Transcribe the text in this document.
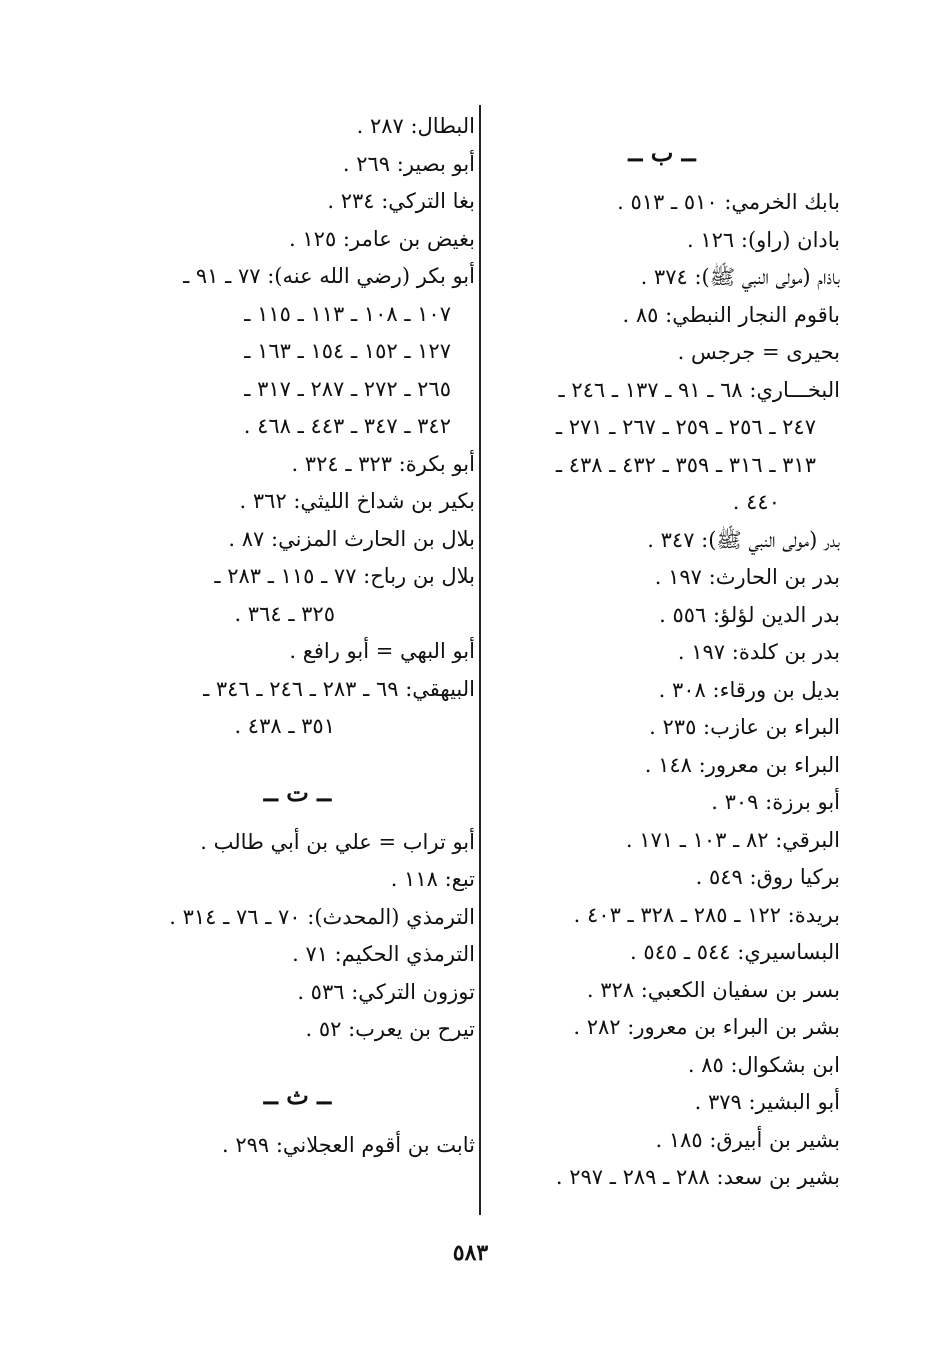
ــ ب ــ
بابك الخرمي: ٥١٠ ـ ٥١٣ .
بادان (راو): ١٢٦ .
باذام (مولى النبي ﷺ): ٣٧٤ .
باقوم النجار النبطي: ٨٥ .
بحيرى = جرجس .
البخـــاري: ٦٨ ـ ٩١ ـ ١٣٧ ـ ٢٤٦ ـ
٢٤٧ ـ ٢٥٦ ـ ٢٥٩ ـ ٢٦٧ ـ ٢٧١ ـ
٣١٣ ـ ٣١٦ ـ ٣٥٩ ـ ٤٣٢ ـ ٤٣٨ ـ
٤٤٠ .
بدر (مولى النبي ﷺ): ٣٤٧ .
بدر بن الحارث: ١٩٧ .
بدر الدين لؤلؤ: ٥٥٦ .
بدر بن كلدة: ١٩٧ .
بديل بن ورقاء: ٣٠٨ .
البراء بن عازب: ٢٣٥ .
البراء بن معرور: ١٤٨ .
أبو برزة: ٣٠٩ .
البرقي: ٨٢ ـ ١٠٣ ـ ١٧١ .
بركيا روق: ٥٤٩ .
بريدة: ١٢٢ ـ ٢٨٥ ـ ٣٢٨ ـ ٤٠٣ .
البساسيري: ٥٤٤ ـ ٥٤٥ .
بسر بن سفيان الكعبي: ٣٢٨ .
بشر بن البراء بن معرور: ٢٨٢ .
ابن بشكوال: ٨٥ .
أبو البشير: ٣٧٩ .
بشير بن أبيرق: ١٨٥ .
بشير بن سعد: ٢٨٨ ـ ٢٨٩ ـ ٢٩٧ .
البطال: ٢٨٧ .
أبو بصير: ٢٦٩ .
بغا التركي: ٢٣٤ .
بغيض بن عامر: ١٢٥ .
أبو بكر (رضي الله عنه): ٧٧ ـ ٩١ ـ
١٠٧ ـ ١٠٨ ـ ١١٣ ـ ١١٥ ـ
١٢٧ ـ ١٥٢ ـ ١٥٤ ـ ١٦٣ ـ
٢٦٥ ـ ٢٧٢ ـ ٢٨٧ ـ ٣١٧ ـ
٣٤٢ ـ ٣٤٧ ـ ٤٤٣ ـ ٤٦٨ .
أبو بكرة: ٣٢٣ ـ ٣٢٤ .
بكير بن شداخ الليثي: ٣٦٢ .
بلال بن الحارث المزني: ٨٧ .
بلال بن رباح: ٧٧ ـ ١١٥ ـ ٢٨٣ ـ
٣٢٥ ـ ٣٦٤ .
أبو البهي = أبو رافع .
البيهقي: ٦٩ ـ ٢٨٣ ـ ٢٤٦ ـ ٣٤٦ ـ
٣٥١ ـ ٤٣٨ .
ــ ت ــ
أبو تراب = علي بن أبي طالب .
تبع: ١١٨ .
الترمذي (المحدث): ٧٠ ـ ٧٦ ـ ٣١٤ .
الترمذي الحكيم: ٧١ .
توزون التركي: ٥٣٦ .
تيرح بن يعرب: ٥٢ .
ــ ث ــ
ثابت بن أقوم العجلاني: ٢٩٩ .
٥٨٣
